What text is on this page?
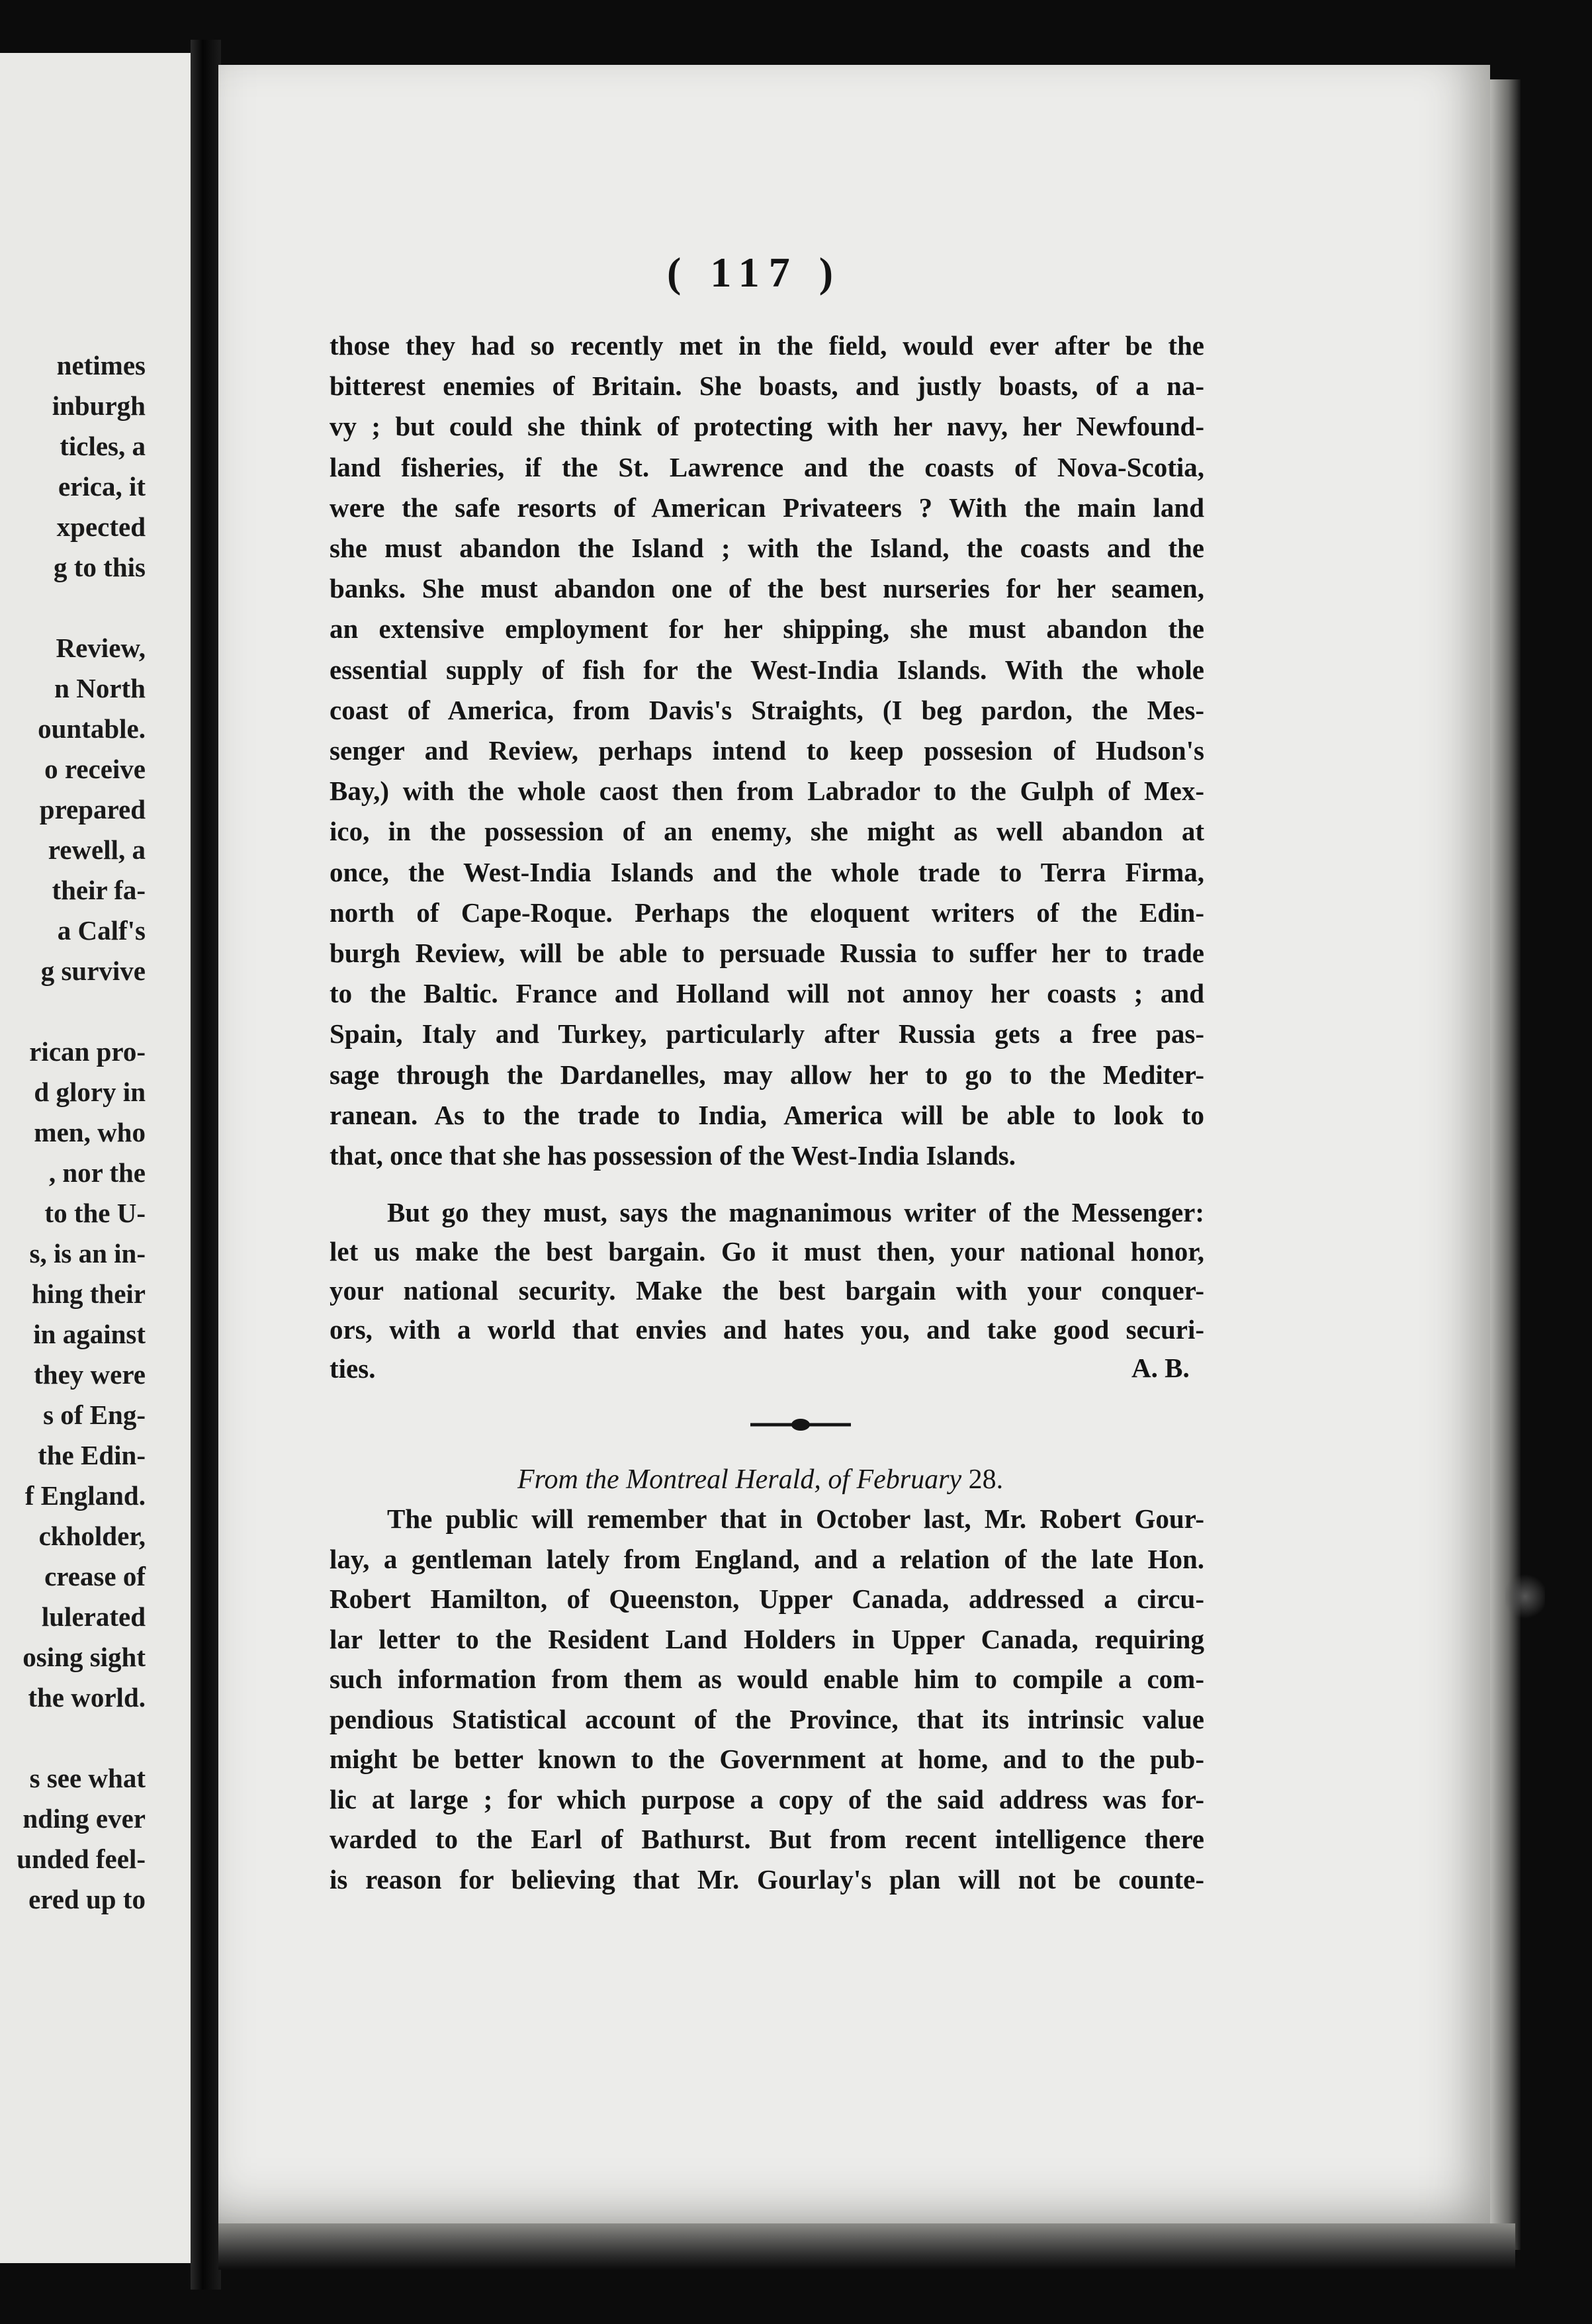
netimes
inburgh
ticles, a
erica, it
xpected
g to this
Review,
n North
ountable.
o receive
prepared
rewell, a
their fa-
a Calf's
g survive
rican pro-
d glory in
men, who
, nor the
to the U-
s, is an in-
hing their
in against
they were
s of Eng-
the Edin-
f England.
ckholder,
crease of
lulerated
osing sight
the world.
s see what
nding ever
unded feel-
ered up to
( 117 )
those they had so recently met in the field, would ever after be the
bitterest enemies of Britain. She boasts, and justly boasts, of a na-
vy ; but could she think of protecting with her navy, her Newfound-
land fisheries, if the St. Lawrence and the coasts of Nova-Scotia,
were the safe resorts of American Privateers ? With the main land
she must abandon the Island ; with the Island, the coasts and the
banks. She must abandon one of the best nurseries for her seamen,
an extensive employment for her shipping, she must abandon the
essential supply of fish for the West-India Islands. With the whole
coast of America, from Davis's Straights, (I beg pardon, the Mes-
senger and Review, perhaps intend to keep possesion of Hudson's
Bay,) with the whole caost then from Labrador to the Gulph of Mex-
ico, in the possession of an enemy, she might as well abandon at
once, the West-India Islands and the whole trade to Terra Firma,
north of Cape-Roque. Perhaps the eloquent writers of the Edin-
burgh Review, will be able to persuade Russia to suffer her to trade
to the Baltic. France and Holland will not annoy her coasts ; and
Spain, Italy and Turkey, particularly after Russia gets a free pas-
sage through the Dardanelles, may allow her to go to the Mediter-
ranean. As to the trade to India, America will be able to look to
that, once that she has possession of the West-India Islands.
But go they must, says the magnanimous writer of the Messenger:
let us make the best bargain. Go it must then, your national honor,
your national security. Make the best bargain with your conquer-
ors, with a world that envies and hates you, and take good securi-
ties.
The public will remember that in October last, Mr. Robert Gour-
lay, a gentleman lately from England, and a relation of the late Hon.
Robert Hamilton, of Queenston, Upper Canada, addressed a circu-
lar letter to the Resident Land Holders in Upper Canada, requiring
such information from them as would enable him to compile a com-
pendious Statistical account of the Province, that its intrinsic value
might be better known to the Government at home, and to the pub-
lic at large ; for which purpose a copy of the said address was for-
warded to the Earl of Bathurst. But from recent intelligence there
is reason for believing that Mr. Gourlay's plan will not be counte-
A. B.
From the Montreal Herald, of February 28.
